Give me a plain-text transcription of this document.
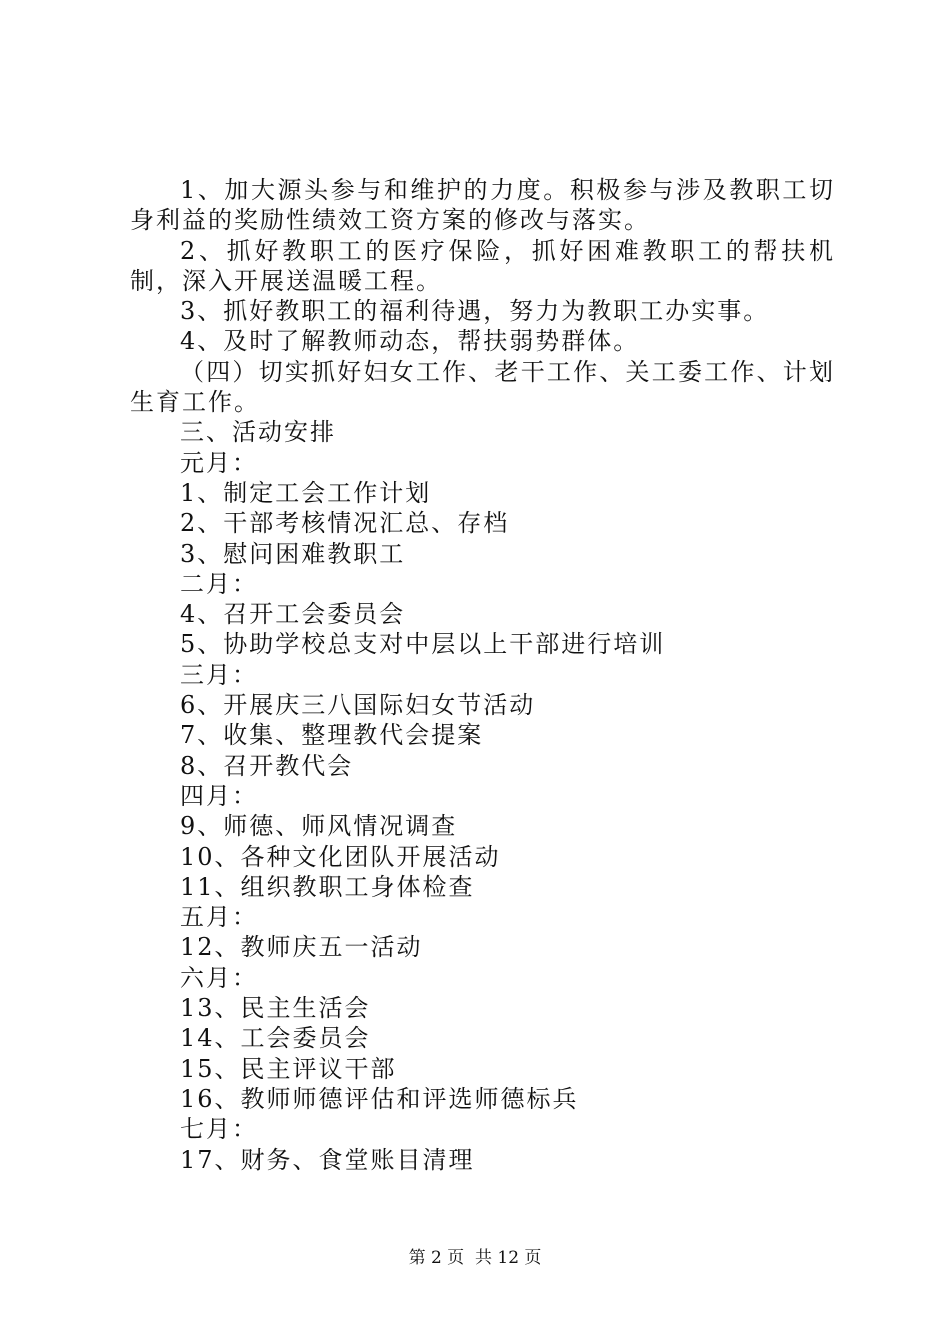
1、加大源头参与和维护的力度。积极参与涉及教职工切身利益的奖励性绩效工资方案的修改与落实。

2、抓好教职工的医疗保险，抓好困难教职工的帮扶机制，深入开展送温暖工程。

3、抓好教职工的福利待遇，努力为教职工办实事。

4、及时了解教师动态，帮扶弱势群体。

（四）切实抓好妇女工作、老干工作、关工委工作、计划生育工作。

三、活动安排

元月：

1、制定工会工作计划

2、干部考核情况汇总、存档

3、慰问困难教职工

二月：

4、召开工会委员会

5、协助学校总支对中层以上干部进行培训

三月：

6、开展庆三八国际妇女节活动

7、收集、整理教代会提案

8、召开教代会

四月：

9、师德、师风情况调查

10、各种文化团队开展活动

11、组织教职工身体检查

五月：

12、教师庆五一活动

六月：

13、民主生活会

14、工会委员会

15、民主评议干部

16、教师师德评估和评选师德标兵

七月：

17、财务、食堂账目清理

第 2 页  共 12 页
